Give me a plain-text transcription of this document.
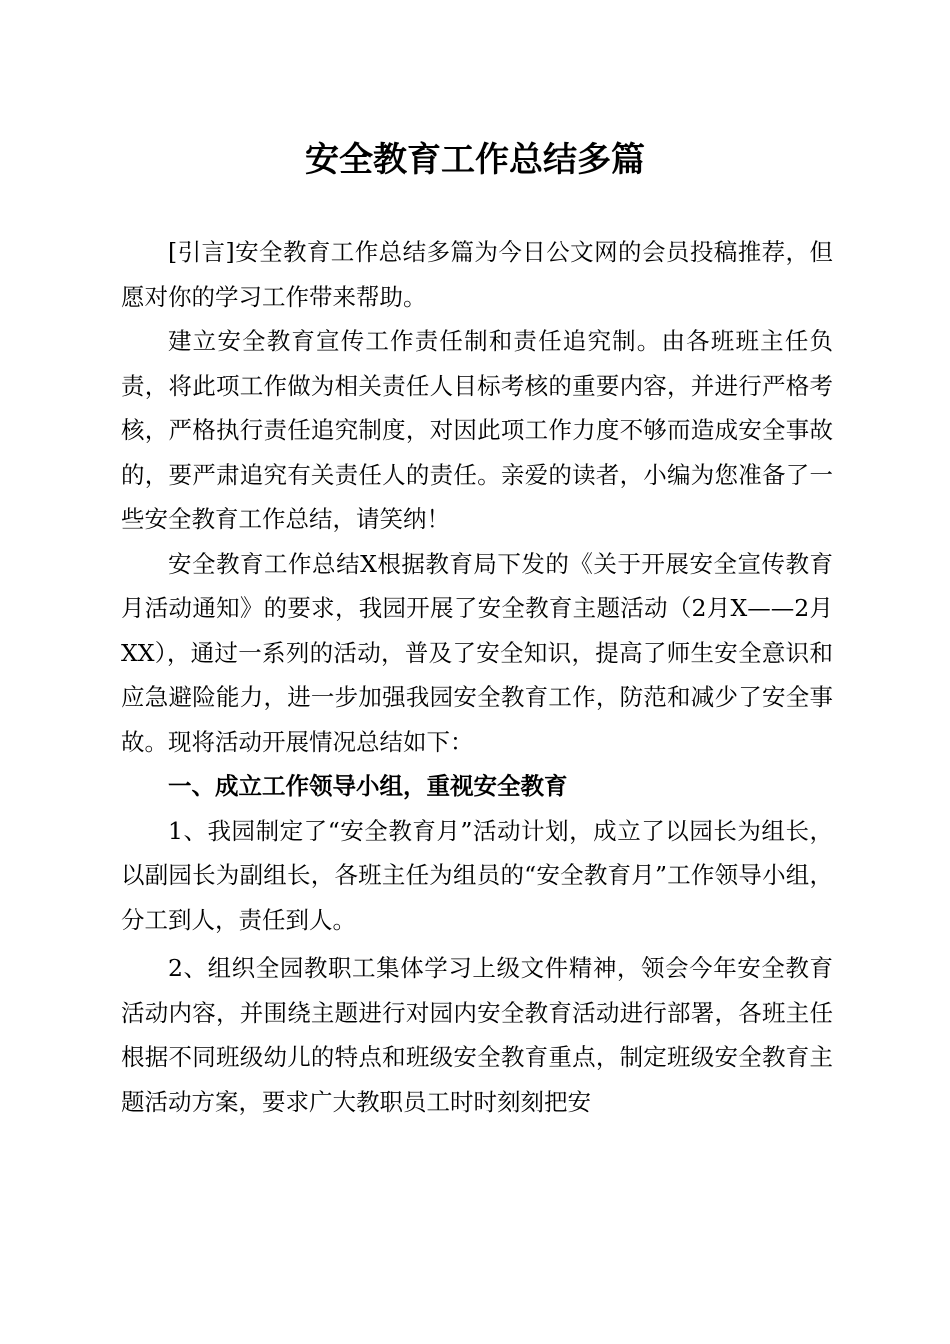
安全教育工作总结多篇

[引言]安全教育工作总结多篇为今日公文网的会员投稿推荐，但愿对你的学习工作带来帮助。

建立安全教育宣传工作责任制和责任追究制。由各班班主任负责，将此项工作做为相关责任人目标考核的重要内容，并进行严格考核，严格执行责任追究制度，对因此项工作力度不够而造成安全事故的，要严肃追究有关责任人的责任。亲爱的读者，小编为您准备了一些安全教育工作总结，请笑纳！

安全教育工作总结X根据教育局下发的《关于开展安全宣传教育月活动通知》的要求，我园开展了安全教育主题活动（2月X——2月XX），通过一系列的活动，普及了安全知识，提高了师生安全意识和应急避险能力，进一步加强我园安全教育工作，防范和减少了安全事故。现将活动开展情况总结如下：

一、成立工作领导小组，重视安全教育

1、我园制定了“安全教育月”活动计划，成立了以园长为组长，以副园长为副组长，各班主任为组员的“安全教育月”工作领导小组，分工到人，责任到人。

2、组织全园教职工集体学习上级文件精神，领会今年安全教育活动内容，并围绕主题进行对园内安全教育活动进行部署，各班主任根据不同班级幼儿的特点和班级安全教育重点，制定班级安全教育主题活动方案，要求广大教职员工时时刻刻把安
